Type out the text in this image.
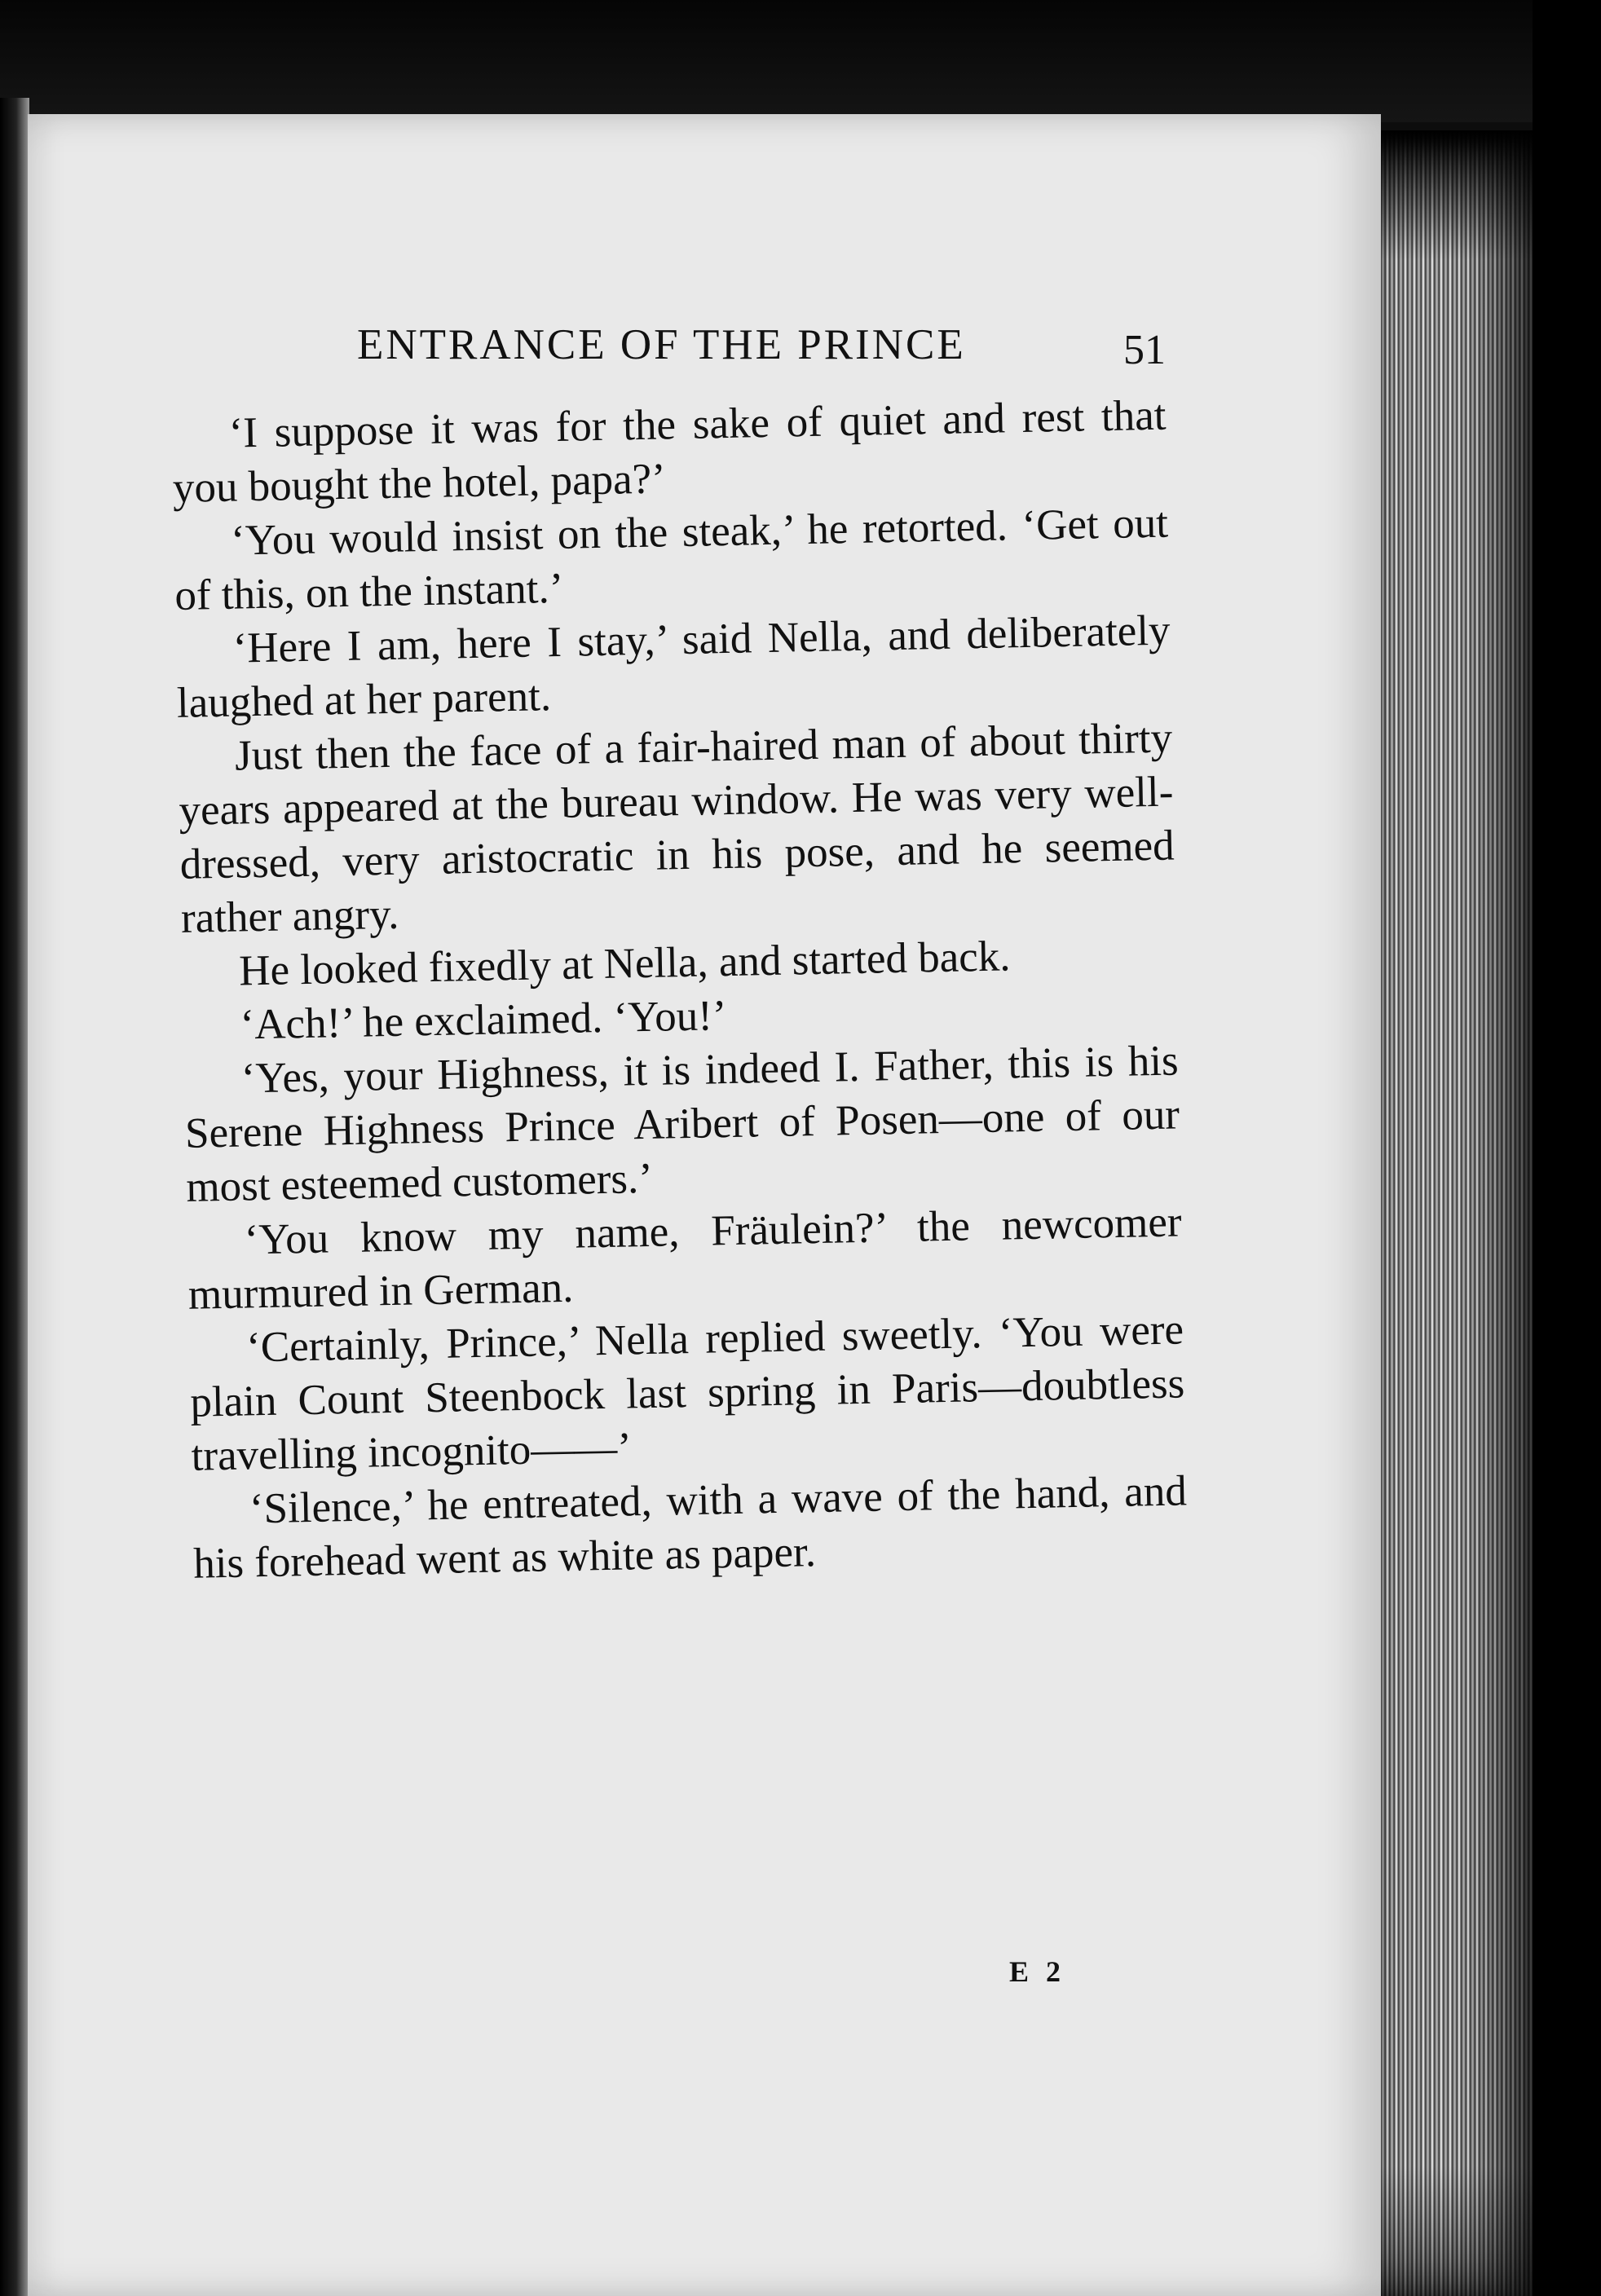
ENTRANCE OF THE PRINCE	51

‘I suppose it was for the sake of quiet and rest that you bought the hotel, papa?’

‘You would insist on the steak,’ he retorted. ‘Get out of this, on the instant.’

‘Here I am, here I stay,’ said Nella, and deliberately laughed at her parent.

Just then the face of a fair-haired man of about thirty years appeared at the bureau window. He was very well-dressed, very aristocratic in his pose, and he seemed rather angry.

He looked fixedly at Nella, and started back.

‘Ach!’ he exclaimed. ‘You!’

‘Yes, your Highness, it is indeed I. Father, this is his Serene Highness Prince Aribert of Posen—one of our most esteemed customers.’

‘You know my name, Fräulein?’ the newcomer murmured in German.

‘Certainly, Prince,’ Nella replied sweetly. ‘You were plain Count Steenbock last spring in Paris—doubtless travelling incognito——’

‘Silence,’ he entreated, with a wave of the hand, and his forehead went as white as paper.

E 2
